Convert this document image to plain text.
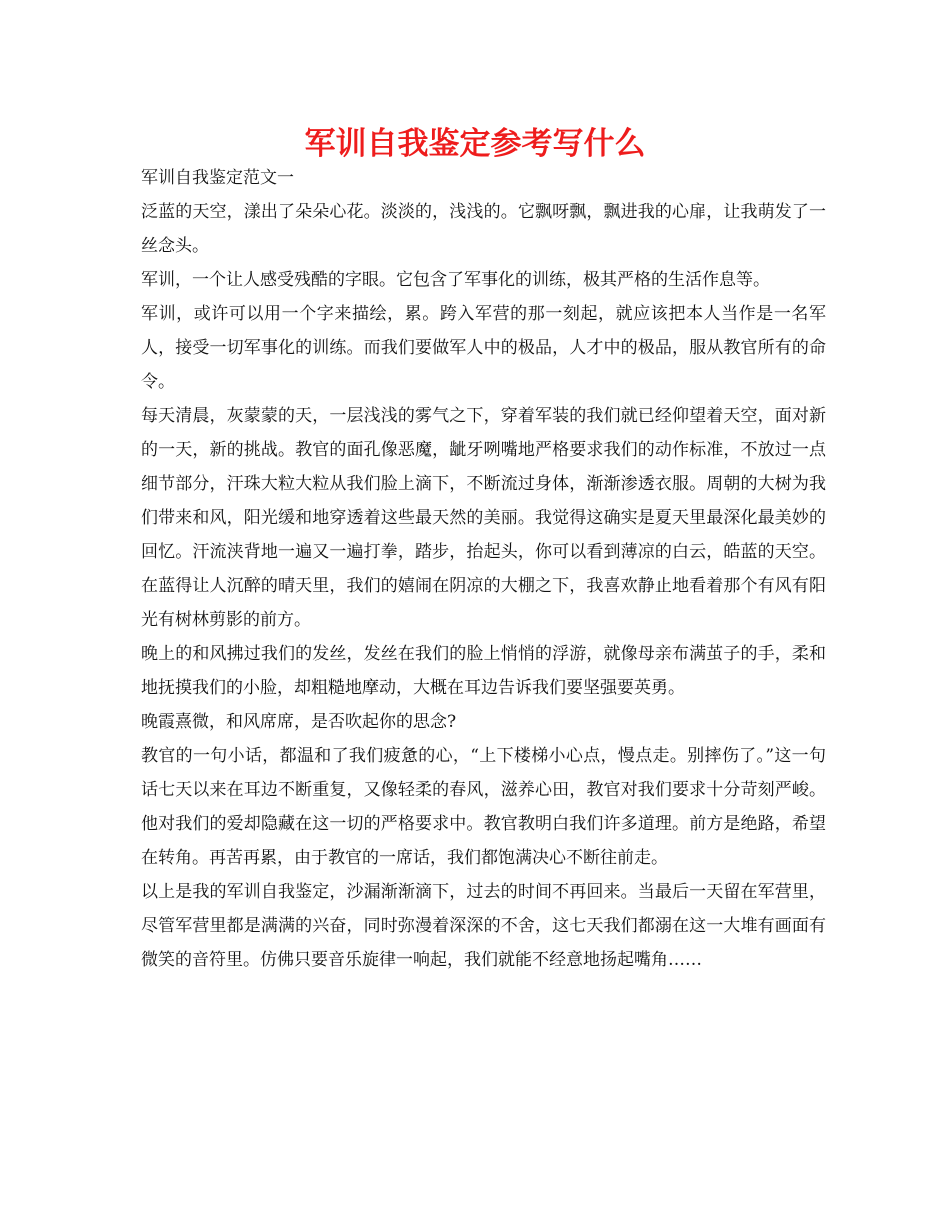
军训自我鉴定参考写什么

军训自我鉴定范文一

泛蓝的天空，漾出了朵朵心花。淡淡的，浅浅的。它飘呀飘，飘进我的心扉，让我萌发了一丝念头。

军训，一个让人感受残酷的字眼。它包含了军事化的训练，极其严格的生活作息等。

军训，或许可以用一个字来描绘，累。跨入军营的那一刻起，就应该把本人当作是一名军人，接受一切军事化的训练。而我们要做军人中的极品，人才中的极品，服从教官所有的命令。

每天清晨，灰蒙蒙的天，一层浅浅的雾气之下，穿着军装的我们就已经仰望着天空，面对新的一天，新的挑战。教官的面孔像恶魔，龇牙咧嘴地严格要求我们的动作标准，不放过一点细节部分，汗珠大粒大粒从我们脸上滴下，不断流过身体，渐渐渗透衣服。周朝的大树为我们带来和风，阳光缓和地穿透着这些最天然的美丽。我觉得这确实是夏天里最深化最美妙的回忆。汗流浃背地一遍又一遍打拳，踏步，抬起头，你可以看到薄凉的白云，皓蓝的天空。在蓝得让人沉醉的晴天里，我们的嬉闹在阴凉的大棚之下，我喜欢静止地看着那个有风有阳光有树林剪影的前方。

晚上的和风拂过我们的发丝，发丝在我们的脸上悄悄的浮游，就像母亲布满茧子的手，柔和地抚摸我们的小脸，却粗糙地摩动，大概在耳边告诉我们要坚强要英勇。

晚霞熹微，和风席席，是否吹起你的思念?

教官的一句小话，都温和了我们疲惫的心，“上下楼梯小心点，慢点走。别摔伤了。”这一句话七天以来在耳边不断重复，又像轻柔的春风，滋养心田，教官对我们要求十分苛刻严峻。他对我们的爱却隐藏在这一切的严格要求中。教官教明白我们许多道理。前方是绝路，希望在转角。再苦再累，由于教官的一席话，我们都饱满决心不断往前走。

以上是我的军训自我鉴定，沙漏渐渐滴下，过去的时间不再回来。当最后一天留在军营里，尽管军营里都是满满的兴奋，同时弥漫着深深的不舍，这七天我们都溺在这一大堆有画面有微笑的音符里。仿佛只要音乐旋律一响起，我们就能不经意地扬起嘴角……
